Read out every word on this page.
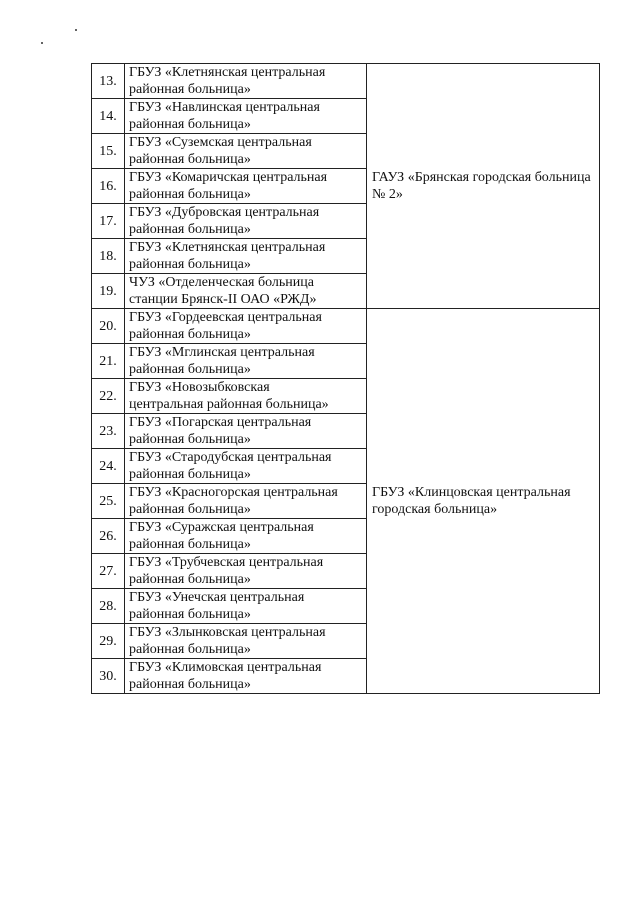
13.	ГБУЗ «Клетнянская центральная
районная больница»	ГАУЗ «Брянская городская больница № 2»
14.	ГБУЗ «Навлинская центральная
районная больница»	

15.	ГБУЗ «Суземская центральная
районная больница»	

16.	ГБУЗ «Комаричская центральная
районная больница»	

17.	ГБУЗ «Дубровская центральная
районная больница»	

18.	ГБУЗ «Клетнянская центральная
районная больница»	

19.	ЧУЗ «Отделенческая больница
станции Брянск-II ОАО «РЖД»	

20.	ГБУЗ «Гордеевская центральная
районная больница»	ГБУЗ «Клинцовская центральная городская больница»
21.	ГБУЗ «Мглинская центральная
районная больница»	

22.	ГБУЗ «Новозыбковская
центральная районная больница»	

23.	ГБУЗ «Погарская центральная
районная больница»	

24.	ГБУЗ «Стародубская центральная
районная больница»	

25.	ГБУЗ «Красногорская центральная
районная больница»	

26.	ГБУЗ «Суражская центральная
районная больница»	

27.	ГБУЗ «Трубчевская центральная
районная больница»	

28.	ГБУЗ «Унечская центральная
районная больница»	

29.	ГБУЗ «Злынковская центральная
районная больница»	

30.	ГБУЗ «Климовская центральная
районная больница»	
